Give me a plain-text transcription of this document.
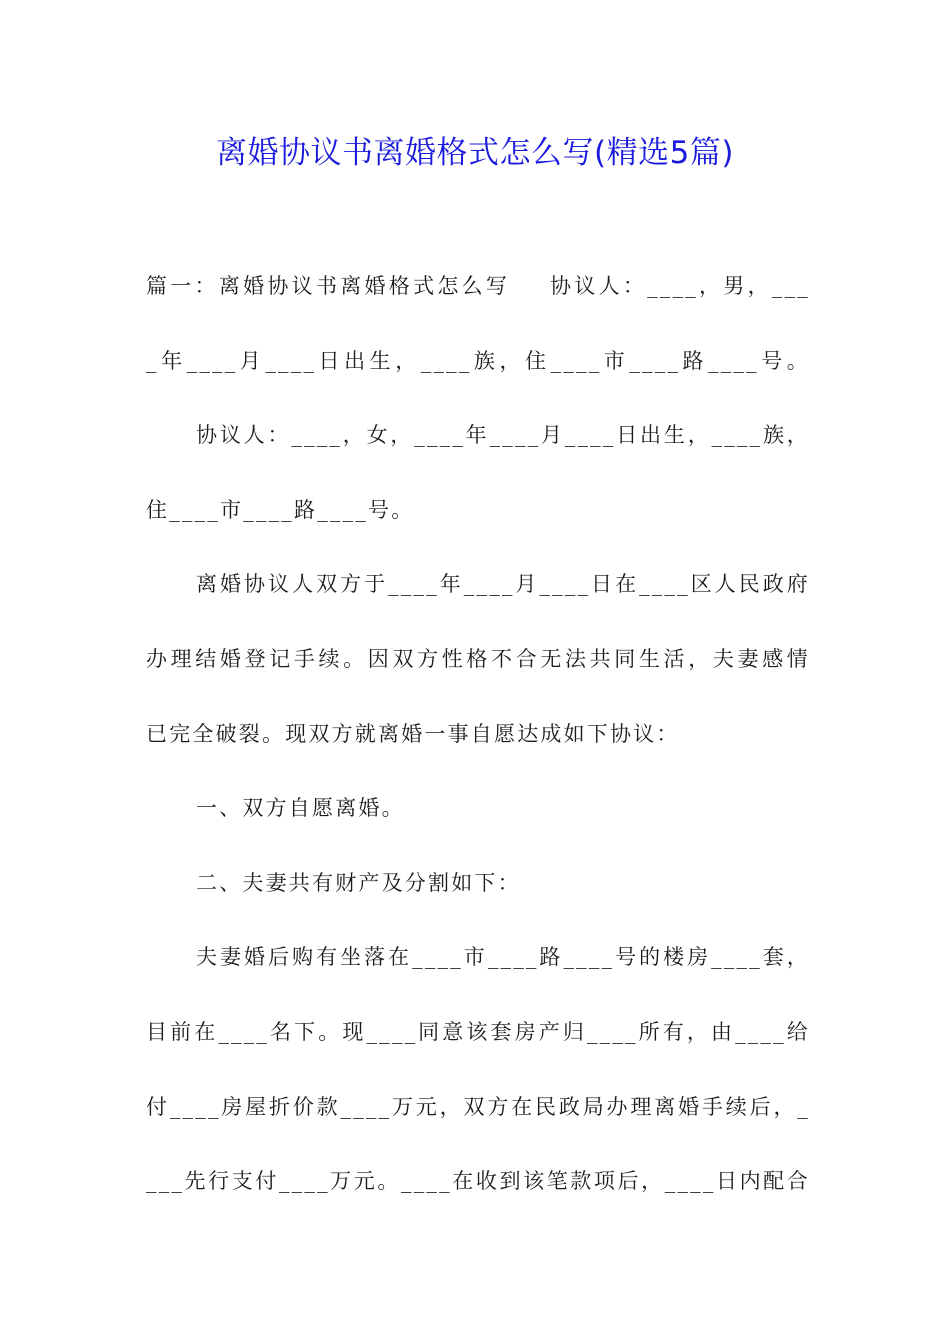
离婚协议书离婚格式怎么写(精选5篇)
篇一：离婚协议书离婚格式怎么写    协议人：____，男，___
_年____月____日出生，____族，住____市____路____号。
协议人：____，女，____年____月____日出生，____族，
住____市____路____号。
离婚协议人双方于____年____月____日在____区人民政府
办理结婚登记手续。因双方性格不合无法共同生活，夫妻感情
已完全破裂。现双方就离婚一事自愿达成如下协议：
一、双方自愿离婚。
二、夫妻共有财产及分割如下：
夫妻婚后购有坐落在____市____路____号的楼房____套，
目前在____名下。现____同意该套房产归____所有，由____给
付____房屋折价款____万元，双方在民政局办理离婚手续后，_
___先行支付____万元。____在收到该笔款项后，____日内配合
